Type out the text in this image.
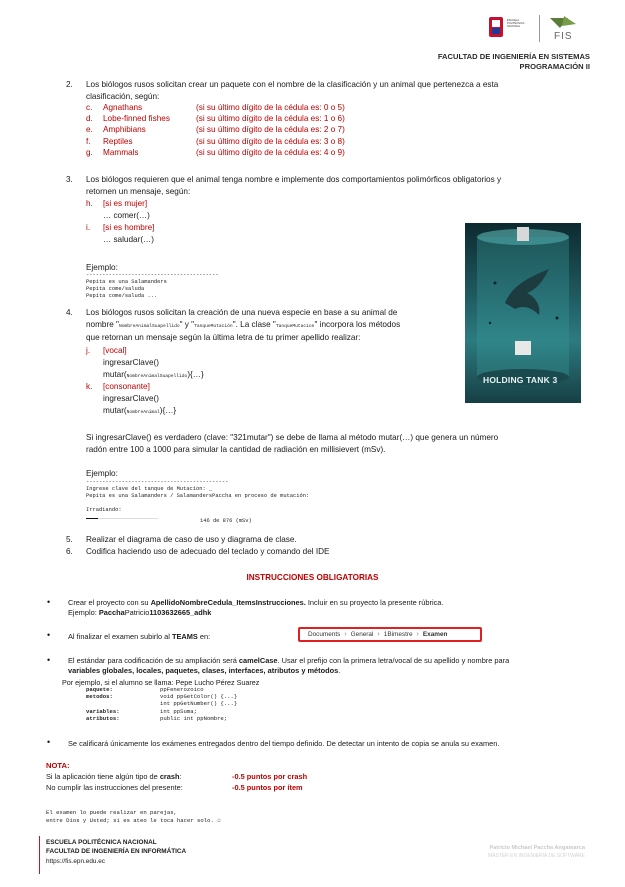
ESCUELA POLITÉCNICA NACIONAL
FIS
FACULTAD DE INGENIERÍA EN SISTEMAS
PROGRAMACIÓN II
2. Los biólogos rusos solicitan crear un paquete con el nombre de la clasificación y un animal que pertenezca a esta
clasificación, según:
c. Agnathans	(si su último dígito de la cédula es: 0 o 5)
d. Lobe-finned fishes	(si su último dígito de la cédula es: 1 o 6)
e. Amphibians	(si su último dígito de la cédula es: 2 o 7)
f. Reptiles	(si su último dígito de la cédula es: 3 o 8)
g. Mammals	(si su último dígito de la cédula es: 4 o 9)
3. Los biólogos requieren que el animal tenga nombre e implemente dos comportamientos polimórficos obligatorios y
retornen un mensaje, según:
h. [si es mujer]
… comer(…)
i. [si es hombre]
… saludar(…)
Ejemplo:
-----------------------------------------
Pepita es una Salamanders
Pepita come/saluda
Pepita come/saluda ...
HOLDING TANK 3
4. Los biólogos rusos solicitan la creación de una nueva especie en base a su animal de
nombre "NombreAnimalSuapellido" y "TanqueMutación". La clase "TanqueMutacion" incorpora los métodos
que retornan un mensaje según la última letra de tu primer apellido realizar:
j. [vocal]
ingresarClave()
mutar(NombreAnimalSuapellido){…}
k. [consonante]
ingresarClave()
mutar(NombreAnimal){…}
Si ingresarClave() es verdadero (clave: "321mutar") se debe de llama al método mutar(…) que genera un número
radón entre 100 a 1000 para simular la cantidad de radiación en millisievert (mSv).
Ejemplo:
--------------------------------------------
Ingrese clave del tanque de Mutacion: _
Pepita es una Salamanders / SalamandersPaccha en proceso de mutación:
Irradiando:
146 de 876 (mSv)
5. Realizar el diagrama de caso de uso y diagrama de clase.
6. Codifica haciendo uso de adecuado del teclado y comando del IDE
INSTRUCCIONES OBLIGATORIAS
• Crear el proyecto con su ApellidoNombreCedula_ItemsInstrucciones. Incluir en su proyecto la presente rúbrica.
Ejemplo: PacchaPatricio1103632665_adhk
• Al finalizar el examen subirlo al TEAMS en:	Documents › General › 1Bimestre › Examen
• El estándar para codificación de su ampliación será camelCase. Usar el prefijo con la primera letra/vocal de su apellido y nombre para
variables globales, locales, paquetes, clases, interfaces, atributos y métodos.
Por ejemplo, si el alumno se llama: Pepe Lucho Pérez Suarez
paquete:	ppFenerozoico
metodos:	void ppGetColor() {...}
int ppGetNumber() {...}
variables:	int ppSuma;
atributos:	public int ppNombre;
• Se calificará únicamente los exámenes entregados dentro del tiempo definido. De detectar un intento de copia se anula su examen.
NOTA:
Si la aplicación tiene algún tipo de crash:	-0.5 puntos por crash
No cumplir las instrucciones del presente:	-0.5 puntos por ítem
El examen lo puede realizar en parejas,
entre Dios y Usted; si es ateo le toca hacer solo. ☺
ESCUELA POLITÉCNICA NACIONAL
FACULTAD DE INGENIERÍA EN INFORMÁTICA
https://fis.epn.edu.ec
Patricio Michael Paccha Angamarca
MÁSTER EN INGENIERÍA DE SOFTWARE
